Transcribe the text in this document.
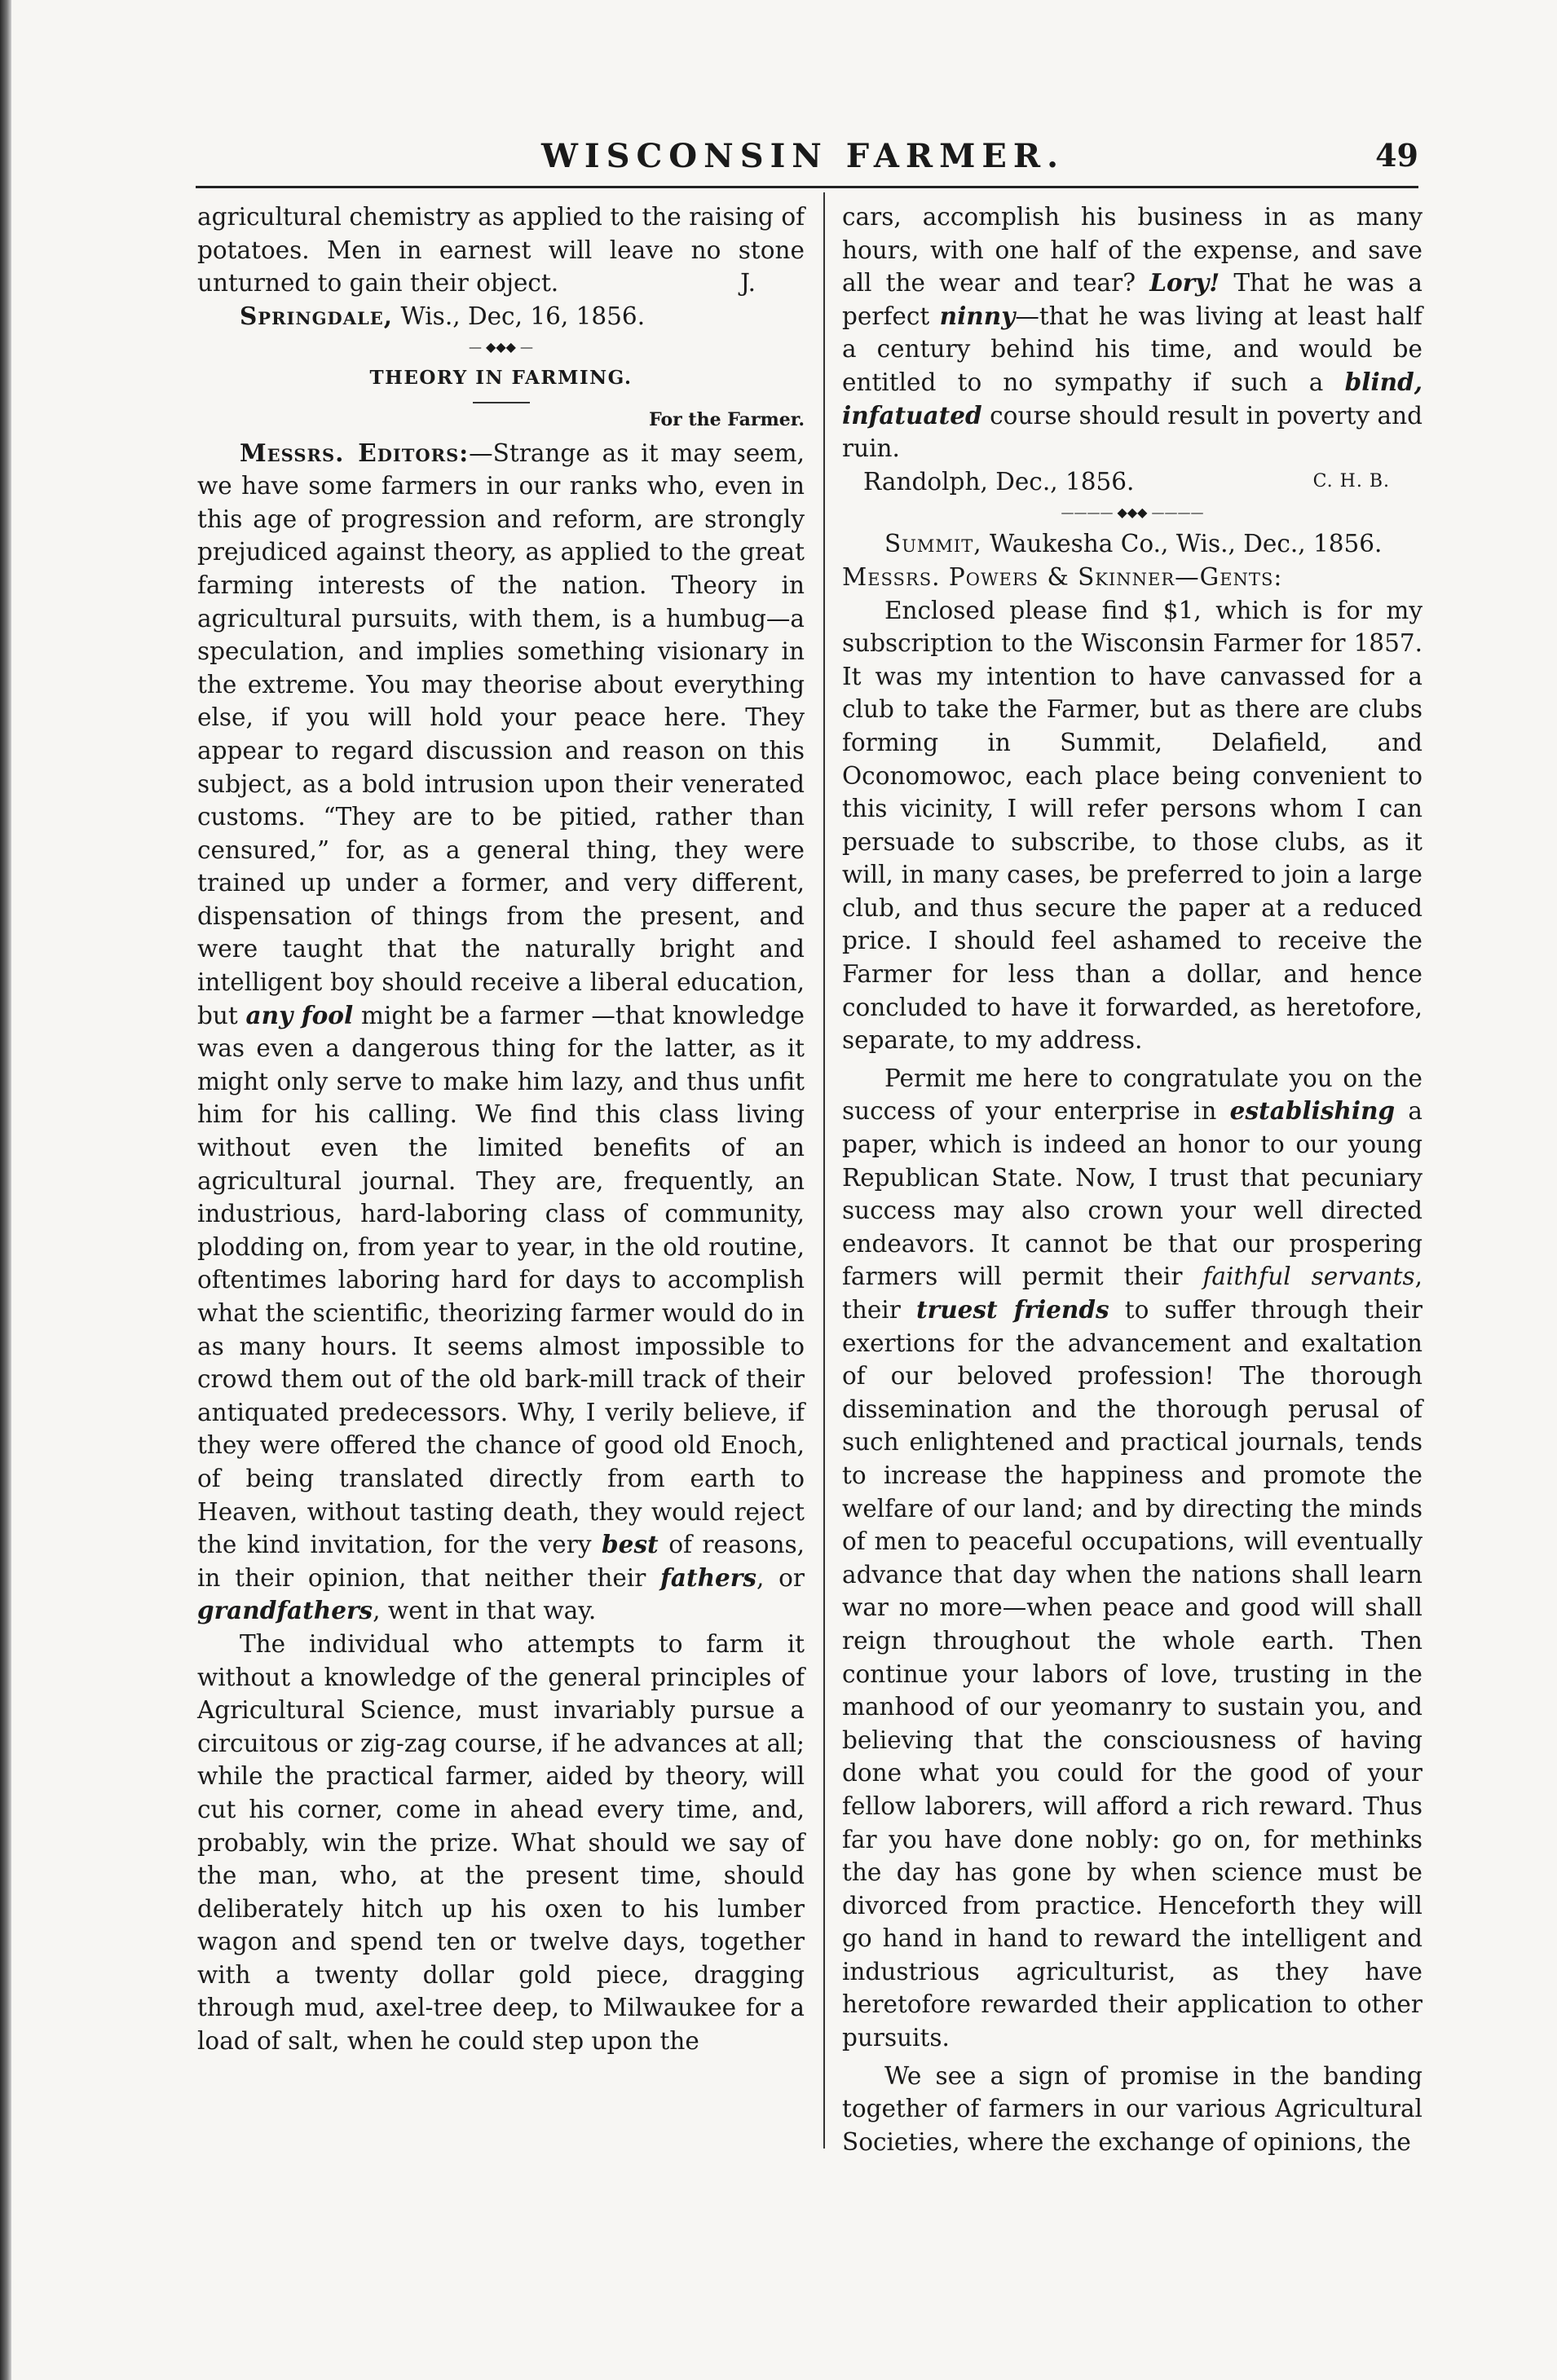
WISCONSIN FARMER.	49

agricultural chemistry as applied to the raising of potatoes. Men in earnest will leave no stone unturned to gain their object.	J.

Springdale, Wis., Dec, 16, 1856.

— ◆◆◆ —

THEORY IN FARMING.

For the Farmer.

Messrs. Editors:—Strange as it may seem, we have some farmers in our ranks who, even in this age of progression and reform, are strongly prejudiced against theory, as applied to the great farming interests of the nation. Theory in agricultural pursuits, with them, is a humbug—a speculation, and implies something visionary in the extreme. You may theorise about everything else, if you will hold your peace here. They appear to regard discussion and reason on this subject, as a bold intrusion upon their venerated customs. “They are to be pitied, rather than censured,” for, as a general thing, they were trained up under a former, and very different, dispensation of things from the present, and were taught that the naturally bright and intelligent boy should receive a liberal education, but any fool might be a farmer —that knowledge was even a dangerous thing for the latter, as it might only serve to make him lazy, and thus unfit him for his calling. We find this class living without even the limited benefits of an agricultural journal. They are, frequently, an industrious, hard-laboring class of community, plodding on, from year to year, in the old routine, oftentimes laboring hard for days to accomplish what the scientific, theorizing farmer would do in as many hours. It seems almost impossible to crowd them out of the old bark-mill track of their antiquated predecessors. Why, I verily believe, if they were offered the chance of good old Enoch, of being translated directly from earth to Heaven, without tasting death, they would reject the kind invitation, for the very best of reasons, in their opinion, that neither their fathers, or grandfathers, went in that way.

The individual who attempts to farm it without a knowledge of the general principles of Agricultural Science, must invariably pursue a circuitous or zig-zag course, if he advances at all; while the practical farmer, aided by theory, will cut his corner, come in ahead every time, and, probably, win the prize. What should we say of the man, who, at the present time, should deliberately hitch up his oxen to his lumber wagon and spend ten or twelve days, together with a twenty dollar gold piece, dragging through mud, axel-tree deep, to Milwaukee for a load of salt, when he could step upon the

cars, accomplish his business in as many hours, with one half of the expense, and save all the wear and tear? Lory! That he was a perfect ninny—that he was living at least half a century behind his time, and would be entitled to no sympathy if such a blind, infatuated course should result in poverty and ruin.

Randolph, Dec., 1856.	C. H. B.
———— ◆◆◆ ————

Summit, Waukesha Co., Wis., Dec., 1856.

Messrs. Powers & Skinner—Gents:

Enclosed please find $1, which is for my subscription to the Wisconsin Farmer for 1857. It was my intention to have canvassed for a club to take the Farmer, but as there are clubs forming in Summit, Delafield, and Oconomowoc, each place being convenient to this vicinity, I will refer persons whom I can persuade to subscribe, to those clubs, as it will, in many cases, be preferred to join a large club, and thus secure the paper at a reduced price. I should feel ashamed to receive the Farmer for less than a dollar, and hence concluded to have it forwarded, as heretofore, separate, to my address.

Permit me here to congratulate you on the success of your enterprise in establishing a paper, which is indeed an honor to our young Republican State. Now, I trust that pecuniary success may also crown your well directed endeavors. It cannot be that our prospering farmers will permit their faithful servants, their truest friends to suffer through their exertions for the advancement and exaltation of our beloved profession! The thorough dissemination and the thorough perusal of such enlightened and practical journals, tends to increase the happiness and promote the welfare of our land; and by directing the minds of men to peaceful occupations, will eventually advance that day when the nations shall learn war no more—when peace and good will shall reign throughout the whole earth. Then continue your labors of love, trusting in the manhood of our yeomanry to sustain you, and believing that the consciousness of having done what you could for the good of your fellow laborers, will afford a rich reward. Thus far you have done nobly: go on, for methinks the day has gone by when science must be divorced from practice. Henceforth they will go hand in hand to reward the intelligent and industrious agriculturist, as they have heretofore rewarded their application to other pursuits.

We see a sign of promise in the banding together of farmers in our various Agricultural Societies, where the exchange of opinions, the
